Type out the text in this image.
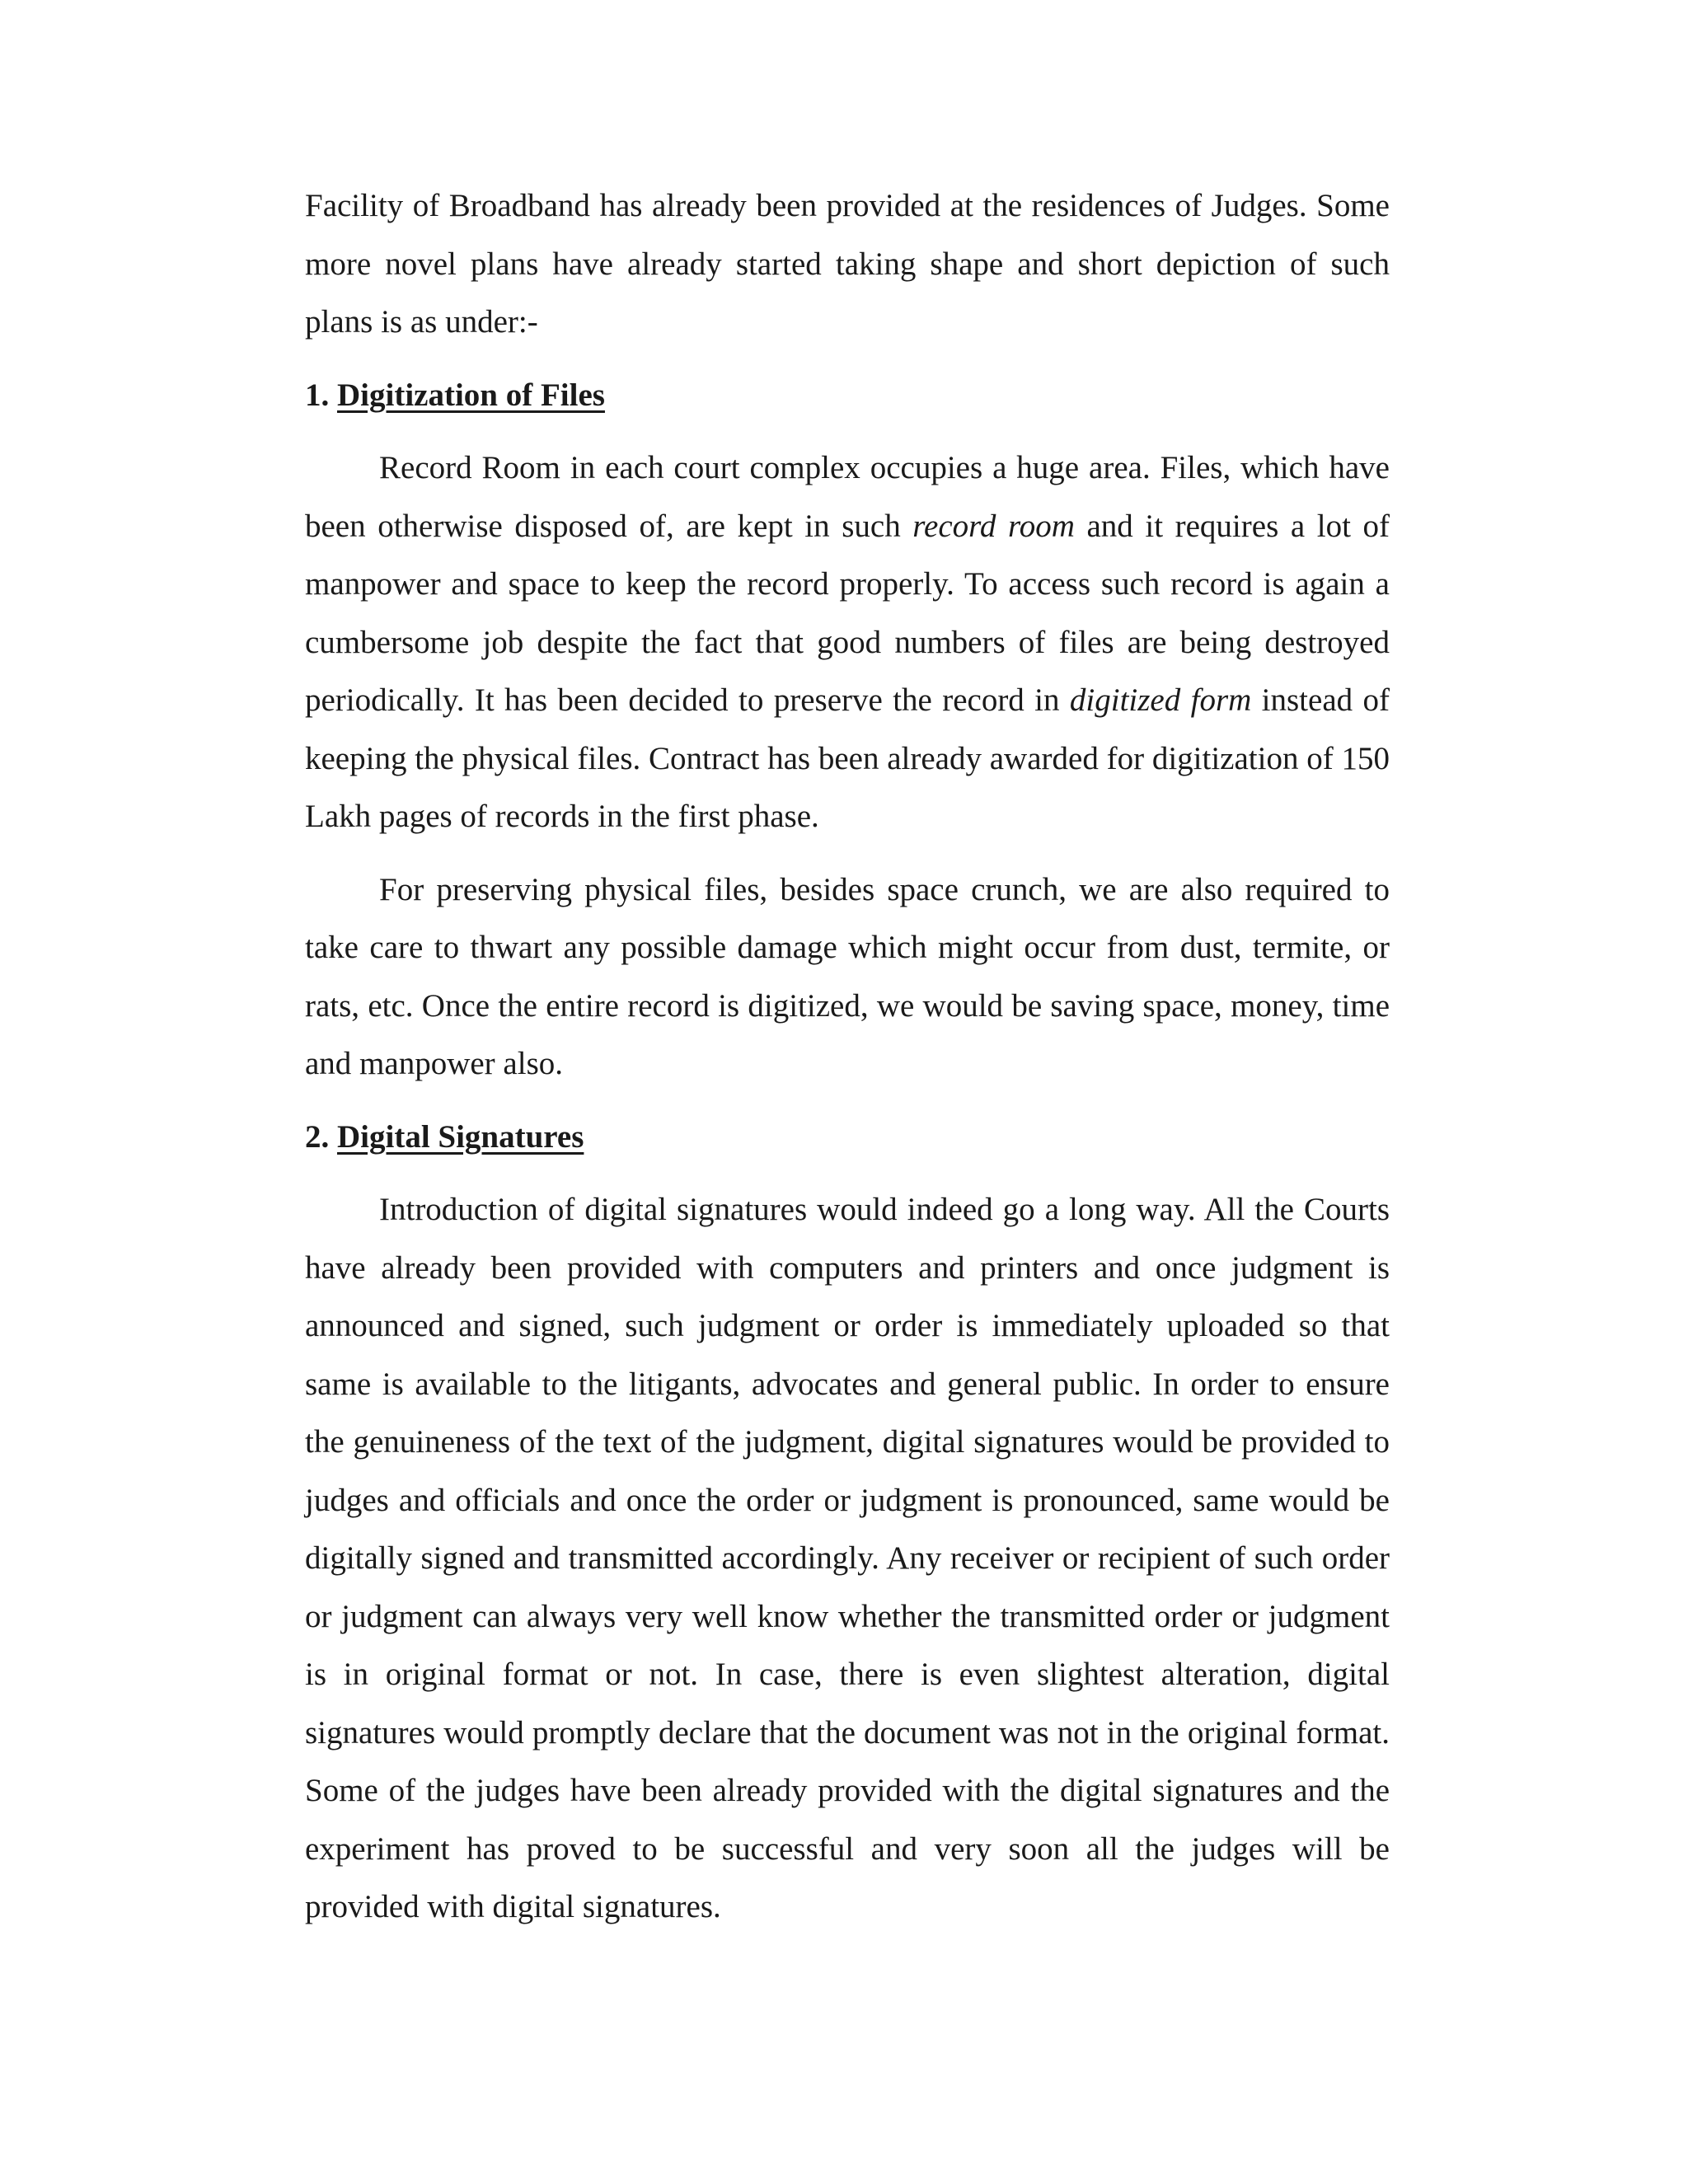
Facility of Broadband has already been provided at the residences of Judges. Some more novel plans have already started taking shape and short depiction of such plans is as under:-

1. Digitization of Files

Record Room in each court complex occupies a huge area. Files, which have been otherwise disposed of, are kept in such record room and it requires a lot of manpower and space to keep the record properly. To access such record is again a cumbersome job despite the fact that good numbers of files are being destroyed periodically. It has been decided to preserve the record in digitized form instead of keeping the physical files. Contract has been already awarded for digitization of 150 Lakh pages of records in the first phase.

For preserving physical files, besides space crunch, we are also required to take care to thwart any possible damage which might occur from dust, termite, or rats, etc. Once the entire record is digitized, we would be saving space, money, time and manpower also.

2. Digital Signatures

Introduction of digital signatures would indeed go a long way. All the Courts have already been provided with computers and printers and once judgment is announced and signed, such judgment or order is immediately uploaded so that same is available to the litigants, advocates and general public. In order to ensure the genuineness of the text of the judgment, digital signatures would be provided to judges and officials and once the order or judgment is pronounced, same would be digitally signed and transmitted accordingly. Any receiver or recipient of such order or judgment can always very well know whether the transmitted order or judgment is in original format or not. In case, there is even slightest alteration, digital signatures would promptly declare that the document was not in the original format. Some of the judges have been already provided with the digital signatures and the experiment has proved to be successful and very soon all the judges will be provided with digital signatures.
